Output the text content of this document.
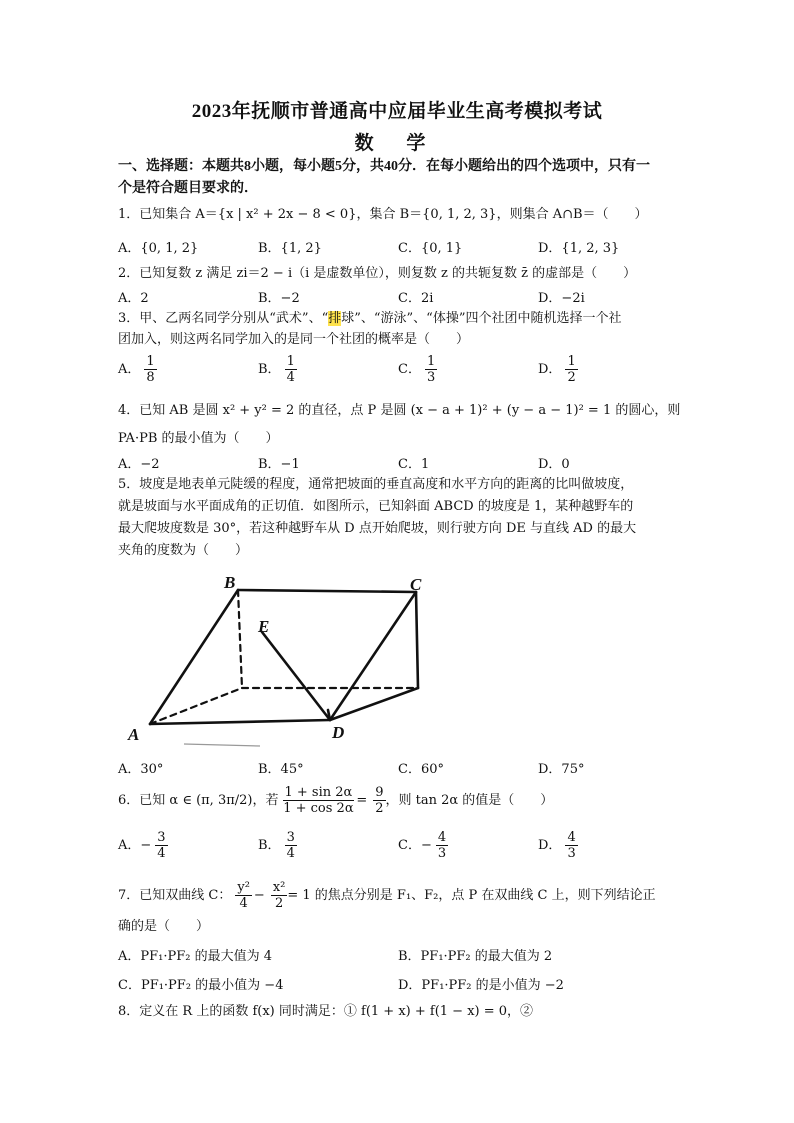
2023年抚顺市普通高中应届毕业生高考模拟考试
数 学
一、选择题：本题共8小题，每小题5分，共40分．在每小题给出的四个选项中，只有一
个是符合题目要求的．
1．已知集合 A＝{x | x² + 2x − 8 < 0}，集合 B＝{0, 1, 2, 3}，则集合 A∩B＝（　　）
A．{0, 1, 2}	B．{1, 2}	C．{0, 1}	D．{1, 2, 3}
2．已知复数 z 满足 zi＝2 − i（i 是虚数单位），则复数 z 的共轭复数 z̄ 的虚部是（　　）
A．2	B．−2	C．2i	D．−2i
3．甲、乙两名同学分别从“武术”、“排球”、“游泳”、“体操”四个社团中随机选择一个社
团加入，则这两名同学加入的是同一个社团的概率是（　　）
A． $\frac{1}{8}$	B． $\frac{1}{4}$	C． $\frac{1}{3}$	D． $\frac{1}{2}$
4．已知 AB 是圆 x² + y² = 2 的直径，点 P 是圆 (x − a + 1)² + (y − a − 1)² = 1 的圆心，则
PA·PB 的最小值为（　　）
A．−2	B．−1	C．1	D．0
5．坡度是地表单元陡缓的程度，通常把坡面的垂直高度和水平方向的距离的比叫做坡度，
就是坡面与水平面成角的正切值．如图所示，已知斜面 ABCD 的坡度是 1，某种越野车的
最大爬坡度数是 30°，若这种越野车从 D 点开始爬坡，则行驶方向 DE 与直线 AD 的最大
夹角的度数为（　　）
B	C
E
A	D
A．30°	B．45°	C．60°	D．75°
6．已知 α ∈ (π, 3π/2)，若 $\frac{1 + \sin 2\alpha}{1 + \cos 2\alpha} = \frac{9}{2}$ ，则 tan 2α 的值是（　　）
A．− $\frac{3}{4}$	B． $\frac{3}{4}$	C．− $\frac{4}{3}$	D． $\frac{4}{3}$
7．已知双曲线 C： $\frac{\text{y²}}{4} - \frac{\text{x²}}{2} = 1$ 的焦点分别是 F₁、F₂，点 P 在双曲线 C 上，则下列结论正
确的是（　　）
A．PF₁·PF₂ 的最大值为 4	B．PF₁·PF₂ 的最大值为 2
C．PF₁·PF₂ 的最小值为 −4	D．PF₁·PF₂ 的是小值为 −2
8．定义在 R 上的函数 f(x) 同时满足：① f(1 + x) + f(1 − x) = 0，②
